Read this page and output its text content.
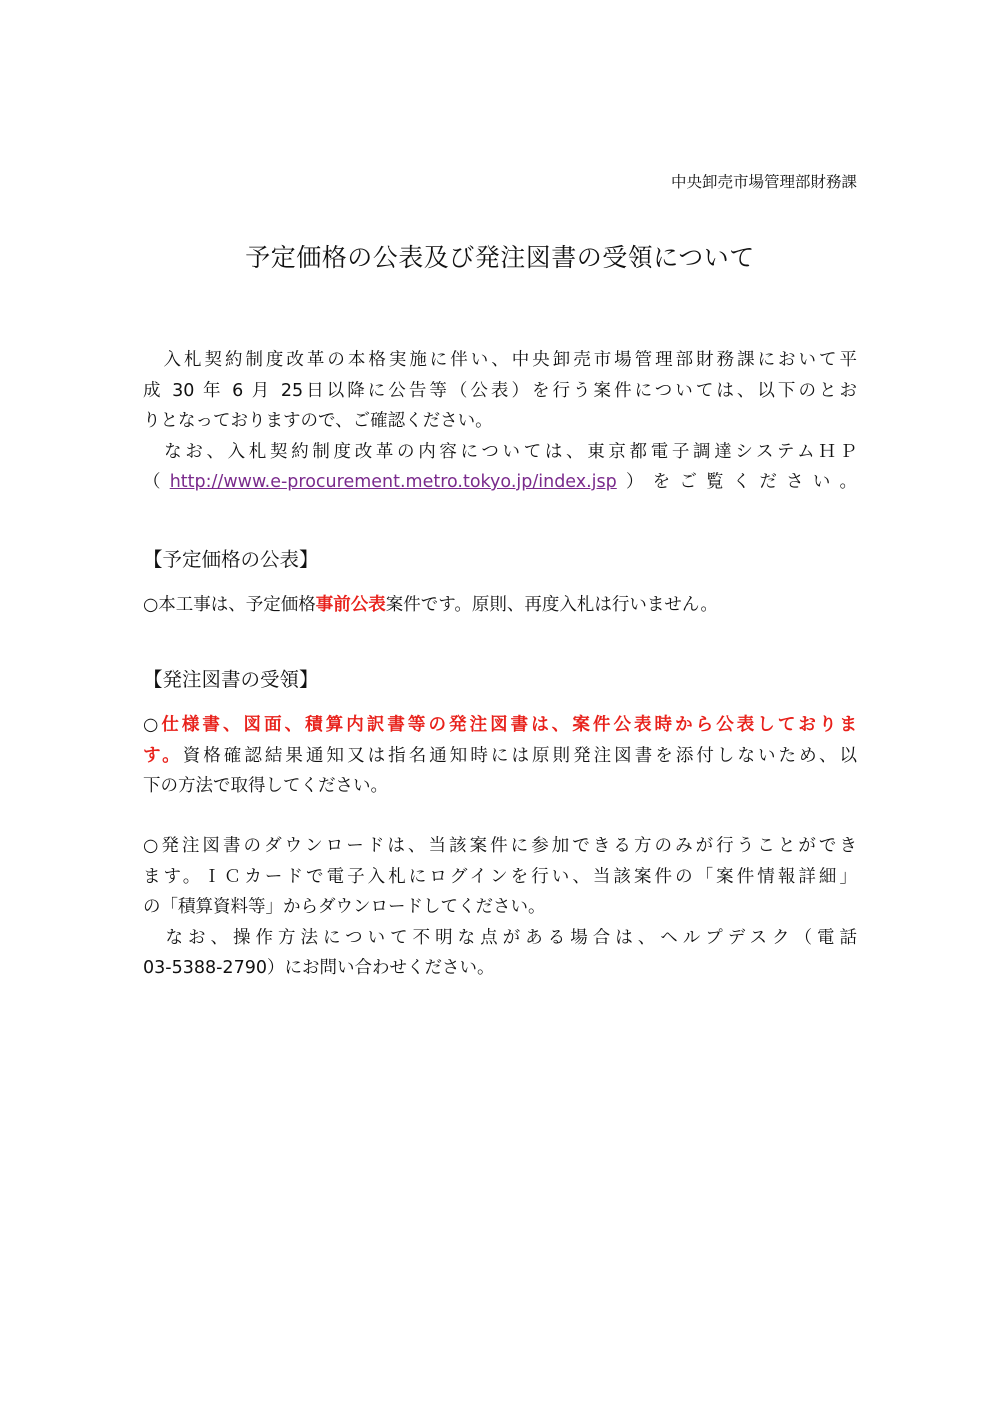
中央卸売市場管理部財務課
予定価格の公表及び発注図書の受領について
　入札契約制度改革の本格実施に伴い、中央卸売市場管理部財務課において平
成 30 年 6 月 25日以降に公告等（公表）を行う案件については、以下のとお
りとなっておりますので、ご確認ください。
　なお、入札契約制度改革の内容については、東京都電子調達システムＨＰ
（http://www.e-procurement.metro.tokyo.jp/index.jsp）をご覧ください。
【予定価格の公表】
○本工事は、予定価格事前公表案件です。原則、再度入札は行いません。
【発注図書の受領】
○仕様書、図面、積算内訳書等の発注図書は、案件公表時から公表しておりま
す。資格確認結果通知又は指名通知時には原則発注図書を添付しないため、以
下の方法で取得してください。
○発注図書のダウンロードは、当該案件に参加できる方のみが行うことができ
ます。ＩＣカードで電子入札にログインを行い、当該案件の「案件情報詳細」
の「積算資料等」からダウンロードしてください。
　なお、操作方法について不明な点がある場合は、ヘルプデスク（電話
03-5388-2790）にお問い合わせください。
